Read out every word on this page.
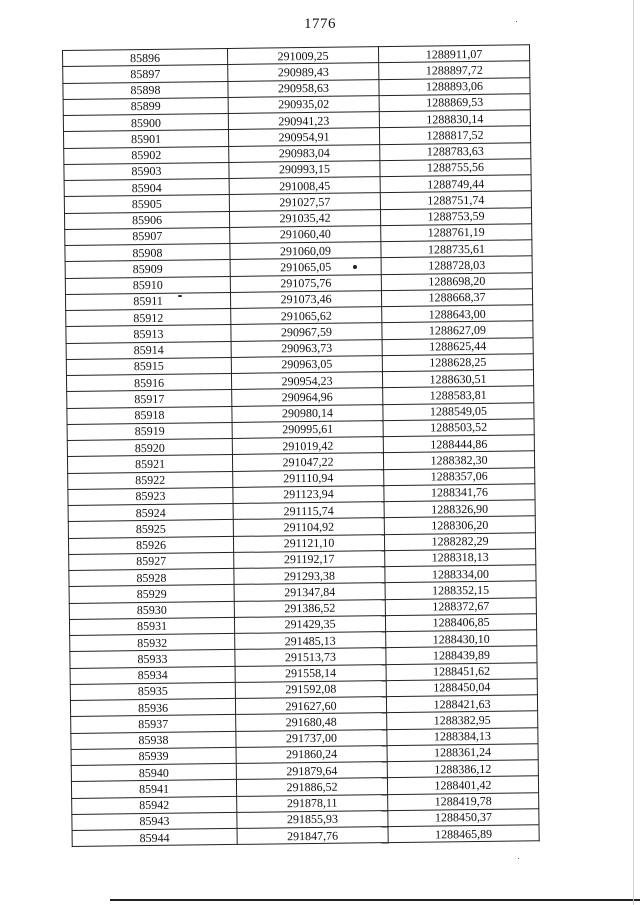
1776
85896	291009,25	1288911,07
85897	290989,43	1288897,72
85898	290958,63	1288893,06
85899	290935,02	1288869,53
85900	290941,23	1288830,14
85901	290954,91	1288817,52
85902	290983,04	1288783,63
85903	290993,15	1288755,56
85904	291008,45	1288749,44
85905	291027,57	1288751,74
85906	291035,42	1288753,59
85907	291060,40	1288761,19
85908	291060,09	1288735,61
85909	291065,05	1288728,03
85910	291075,76	1288698,20
85911	291073,46	1288668,37
85912	291065,62	1288643,00
85913	290967,59	1288627,09
85914	290963,73	1288625,44
85915	290963,05	1288628,25
85916	290954,23	1288630,51
85917	290964,96	1288583,81
85918	290980,14	1288549,05
85919	290995,61	1288503,52
85920	291019,42	1288444,86
85921	291047,22	1288382,30
85922	291110,94	1288357,06
85923	291123,94	1288341,76
85924	291115,74	1288326,90
85925	291104,92	1288306,20
85926	291121,10	1288282,29
85927	291192,17	1288318,13
85928	291293,38	1288334,00
85929	291347,84	1288352,15
85930	291386,52	1288372,67
85931	291429,35	1288406,85
85932	291485,13	1288430,10
85933	291513,73	1288439,89
85934	291558,14	1288451,62
85935	291592,08	1288450,04
85936	291627,60	1288421,63
85937	291680,48	1288382,95
85938	291737,00	1288384,13
85939	291860,24	1288361,24
85940	291879,64	1288386,12
85941	291886,52	1288401,42
85942	291878,11	1288419,78
85943	291855,93	1288450,37
85944	291847,76	1288465,89
